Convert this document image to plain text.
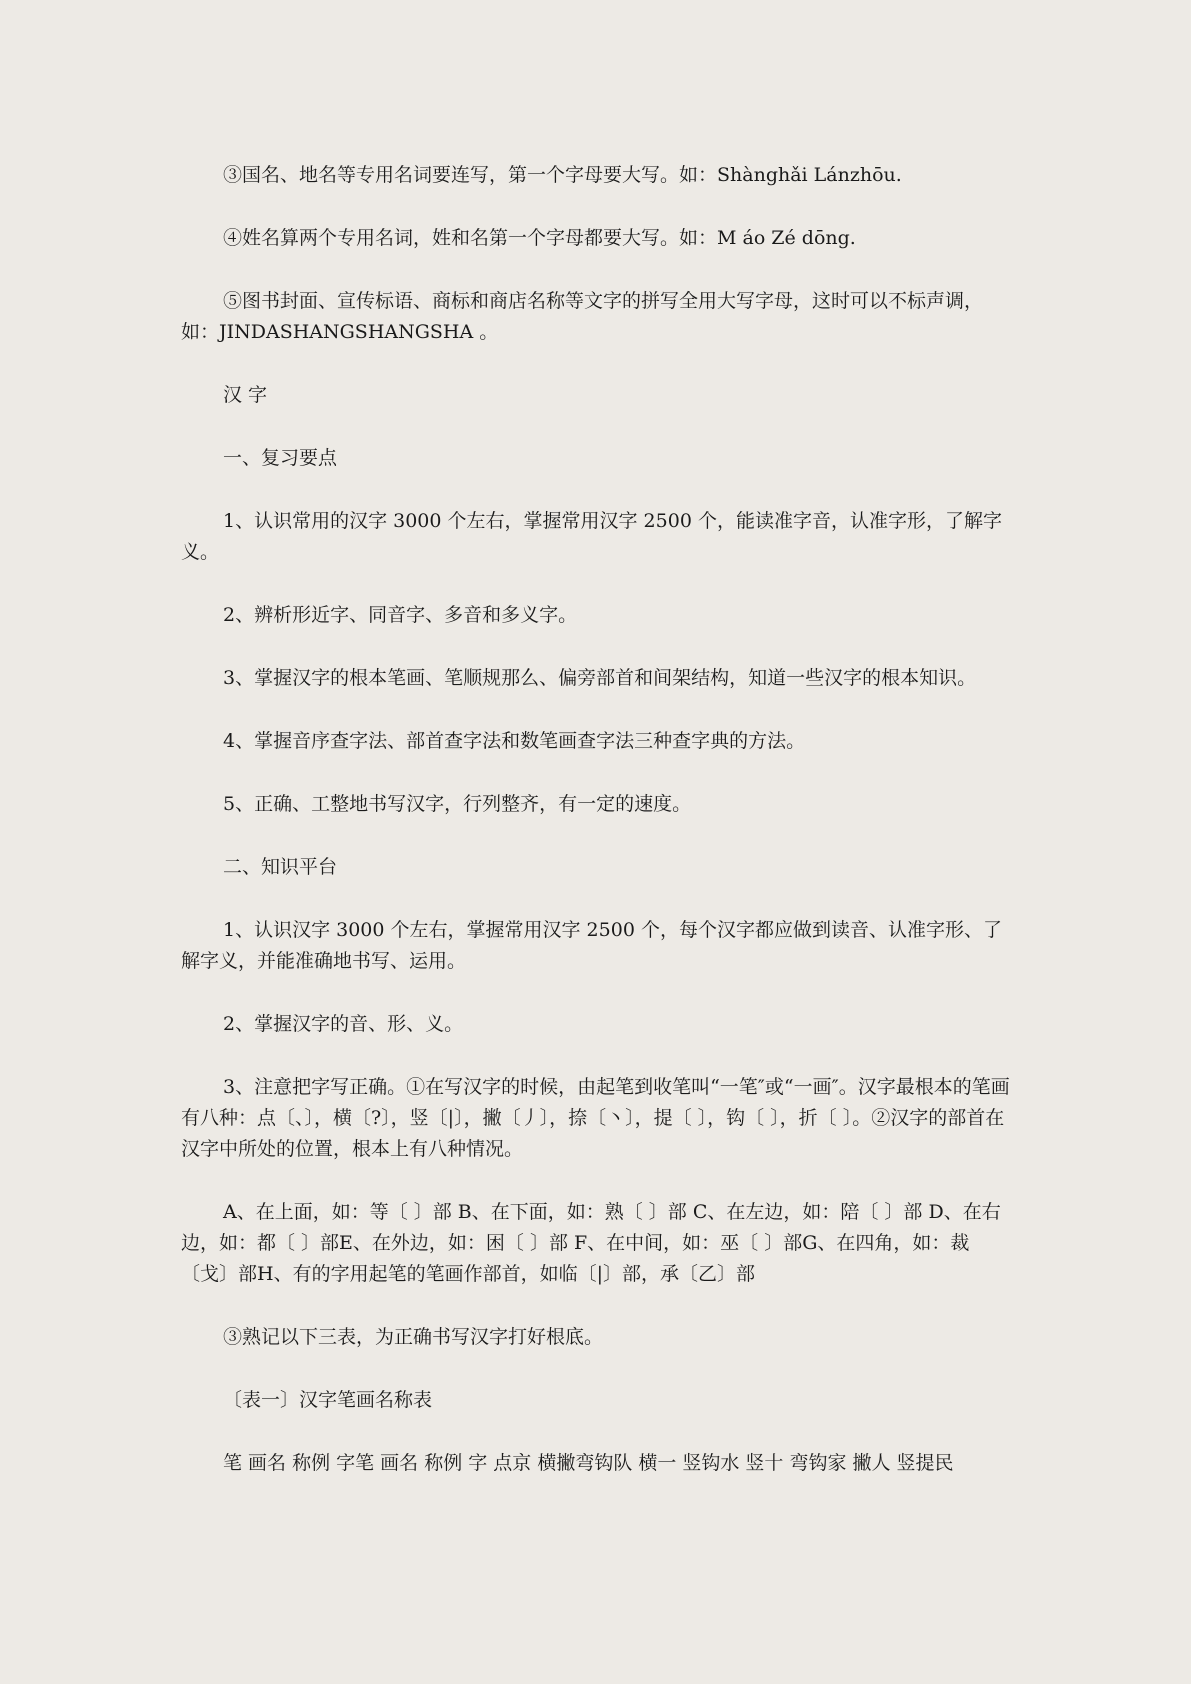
③国名、地名等专用名词要连写，第一个字母要大写。如：Shànghǎi Lánzhōu.

④姓名算两个专用名词，姓和名第一个字母都要大写。如：M áo Zé dōng.

⑤图书封面、宣传标语、商标和商店名称等文字的拼写全用大写字母，这时可以不标声调，如：JINDASHANGSHANGSHA 。

汉 字

一、复习要点

1、认识常用的汉字 3000 个左右，掌握常用汉字 2500 个，能读准字音，认准字形，了解字义。

2、辨析形近字、同音字、多音和多义字。

3、掌握汉字的根本笔画、笔顺规那么、偏旁部首和间架结构，知道一些汉字的根本知识。

4、掌握音序查字法、部首查字法和数笔画查字法三种查字典的方法。

5、正确、工整地书写汉字，行列整齐，有一定的速度。

二、知识平台

1、认识汉字 3000 个左右，掌握常用汉字 2500 个，每个汉字都应做到读音、认准字形、了解字义，并能准确地书写、运用。

2、掌握汉字的音、形、义。

3、注意把字写正确。①在写汉字的时候，由起笔到收笔叫“一笔″或“一画″。汉字最根本的笔画有八种：点〔、〕，横〔?〕，竖〔|〕，撇〔丿〕，捺〔丶〕，提〔 〕，钩〔 〕，折〔 〕。②汉字的部首在汉字中所处的位置，根本上有八种情况。

A、在上面，如：等〔 〕部 B、在下面，如：熟〔 〕部 C、在左边，如：陪〔 〕部 D、在右边，如：都〔 〕部E、在外边，如：困〔 〕部 F、在中间，如：巫〔 〕部G、在四角，如：裁〔戈〕部H、有的字用起笔的笔画作部首，如临〔|〕部，承〔乙〕部

③熟记以下三表，为正确书写汉字打好根底。

〔表一〕汉字笔画名称表

笔 画名 称例 字笔 画名 称例 字 点京 横撇弯钩队 横一 竖钩水 竖十 弯钩家 撇人 竖提民
